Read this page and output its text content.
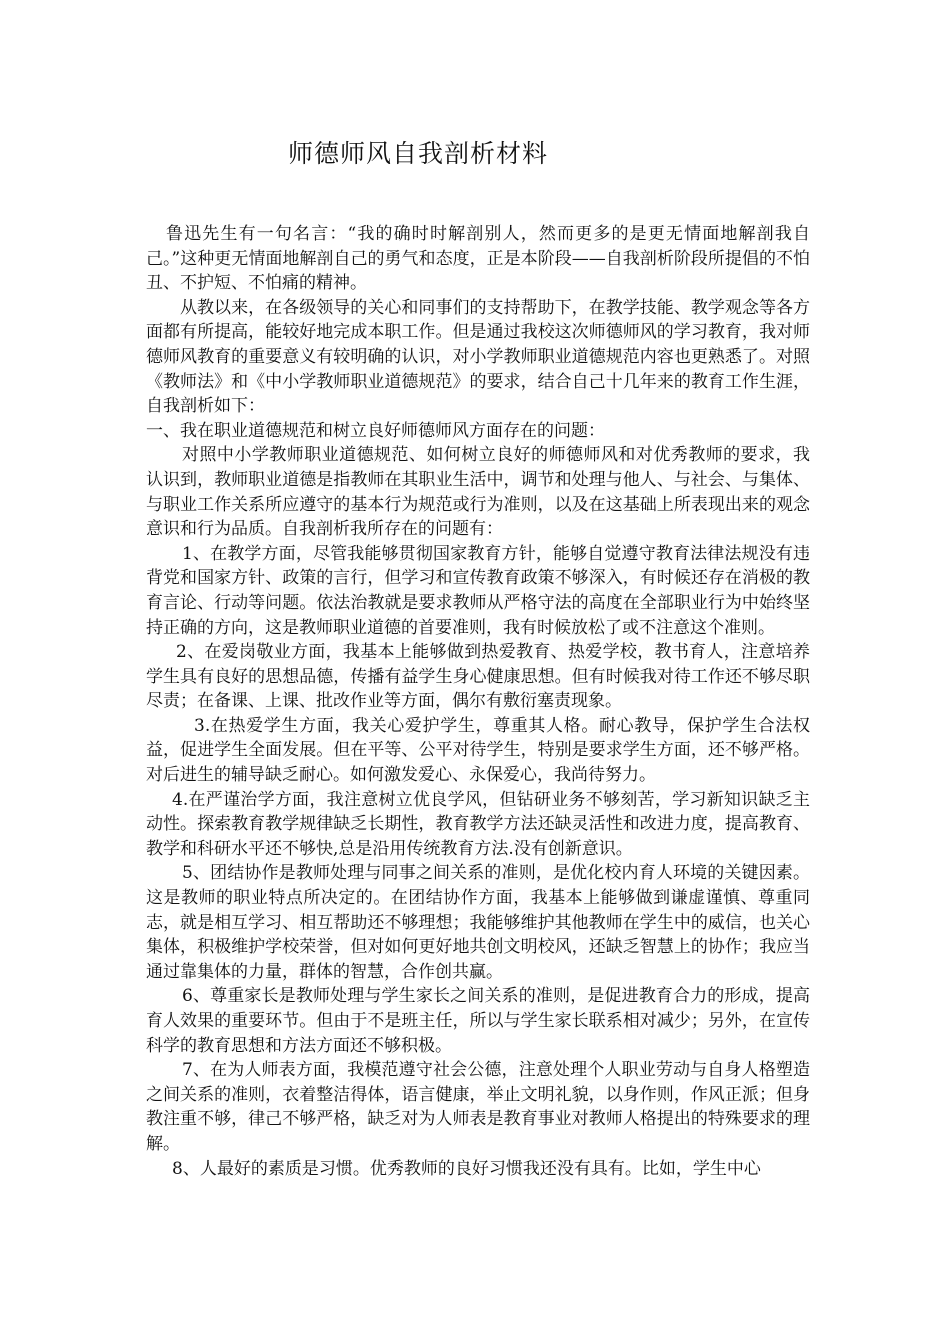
师德师风自我剖析材料

鲁迅先生有一句名言：“我的确时时解剖别人，然而更多的是更无情面地解剖我自己。”这种更无情面地解剖自己的勇气和态度，正是本阶段——自我剖析阶段所提倡的不怕丑、不护短、不怕痛的精神。

从教以来，在各级领导的关心和同事们的支持帮助下，在教学技能、教学观念等各方面都有所提高，能较好地完成本职工作。但是通过我校这次师德师风的学习教育，我对师德师风教育的重要意义有较明确的认识，对小学教师职业道德规范内容也更熟悉了。对照《教师法》和《中小学教师职业道德规范》的要求，结合自己十几年来的教育工作生涯，自我剖析如下：

一、我在职业道德规范和树立良好师德师风方面存在的问题：

对照中小学教师职业道德规范、如何树立良好的师德师风和对优秀教师的要求，我认识到，教师职业道德是指教师在其职业生活中，调节和处理与他人、与社会、与集体、与职业工作关系所应遵守的基本行为规范或行为准则，以及在这基础上所表现出来的观念意识和行为品质。自我剖析我所存在的问题有：

1、在教学方面，尽管我能够贯彻国家教育方针，能够自觉遵守教育法律法规没有违背党和国家方针、政策的言行，但学习和宣传教育政策不够深入，有时候还存在消极的教育言论、行动等问题。依法治教就是要求教师从严格守法的高度在全部职业行为中始终坚持正确的方向，这是教师职业道德的首要准则，我有时候放松了或不注意这个准则。

2、在爱岗敬业方面，我基本上能够做到热爱教育、热爱学校，教书育人，注意培养学生具有良好的思想品德，传播有益学生身心健康思想。但有时候我对待工作还不够尽职尽责；在备课、上课、批改作业等方面，偶尔有敷衍塞责现象。

3.在热爱学生方面，我关心爱护学生，尊重其人格。耐心教导，保护学生合法权益，促进学生全面发展。但在平等、公平对待学生，特别是要求学生方面，还不够严格。对后进生的辅导缺乏耐心。如何激发爱心、永保爱心，我尚待努力。

4.在严谨治学方面，我注意树立优良学风，但钻研业务不够刻苦，学习新知识缺乏主动性。探索教育教学规律缺乏长期性，教育教学方法还缺灵活性和改进力度，提高教育、教学和科研水平还不够快,总是沿用传统教育方法.没有创新意识。

5、团结协作是教师处理与同事之间关系的准则，是优化校内育人环境的关键因素。这是教师的职业特点所决定的。在团结协作方面，我基本上能够做到谦虚谨慎、尊重同志，就是相互学习、相互帮助还不够理想；我能够维护其他教师在学生中的威信，也关心集体，积极维护学校荣誉，但对如何更好地共创文明校风，还缺乏智慧上的协作；我应当通过靠集体的力量，群体的智慧，合作创共赢。

6、尊重家长是教师处理与学生家长之间关系的准则，是促进教育合力的形成，提高育人效果的重要环节。但由于不是班主任，所以与学生家长联系相对减少；另外，在宣传科学的教育思想和方法方面还不够积极。

7、在为人师表方面，我模范遵守社会公德，注意处理个人职业劳动与自身人格塑造之间关系的准则，衣着整洁得体，语言健康，举止文明礼貌，以身作则，作风正派；但身教注重不够，律己不够严格，缺乏对为人师表是教育事业对教师人格提出的特殊要求的理解。

8、人最好的素质是习惯。优秀教师的良好习惯我还没有具有。比如，学生中心
